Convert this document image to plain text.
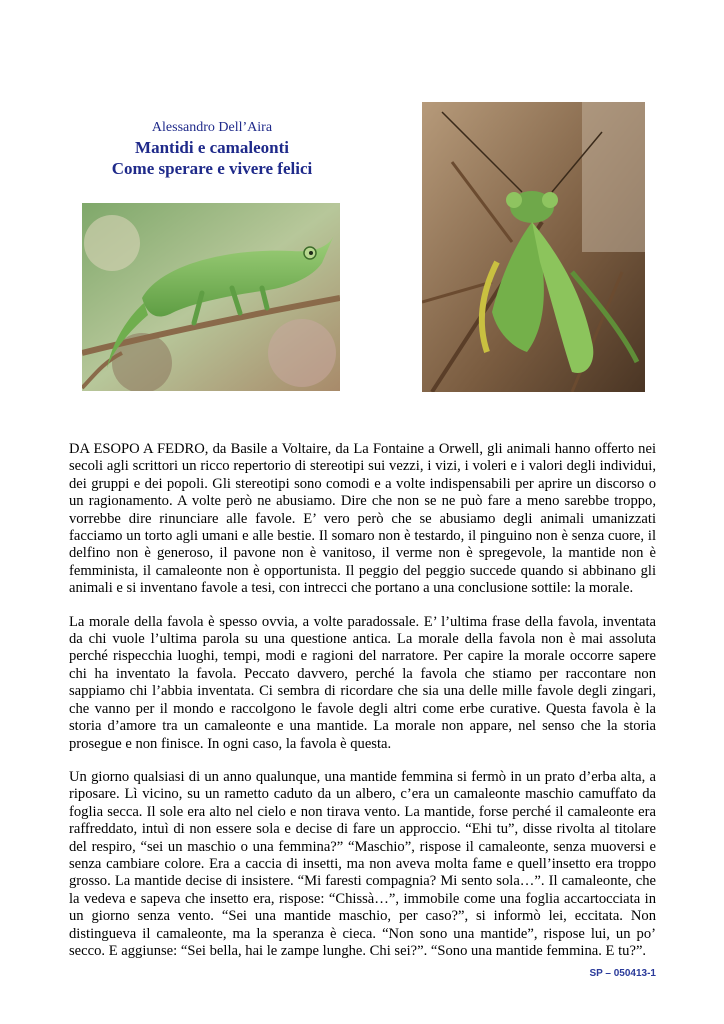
Alessandro Dell’Aira
Mantidi e camaleonti
Come sperare e vivere felici

DA ESOPO A FEDRO, da Basile a Voltaire, da La Fontaine a Orwell, gli animali hanno offerto nei secoli agli scrittori un ricco repertorio di stereotipi sui vezzi, i vizi, i voleri e i valori degli individui, dei gruppi e dei popoli. Gli stereotipi sono comodi e a volte indispensabili per aprire un discorso o un ragionamento. A volte però ne abusiamo. Dire che non se ne può fare a meno sarebbe troppo, vorrebbe dire rinunciare alle favole. E’ vero però che se abusiamo degli animali umanizzati facciamo un torto agli umani e alle bestie. Il somaro non è testardo, il pinguino non è senza cuore, il delfino non è generoso, il pavone non è vanitoso, il verme non è spregevole, la mantide non è femminista, il camaleonte non è opportunista. Il peggio del peggio succede quando si abbinano gli animali e si inventano favole a tesi, con intrecci che portano a una conclusione sottile: la morale.

La morale della favola è spesso ovvia, a volte paradossale. E’ l’ultima frase della favola, inventata da chi vuole l’ultima parola su una questione antica. La morale della favola non è mai assoluta perché rispecchia luoghi, tempi, modi e ragioni del narratore. Per capire la morale occorre sapere chi ha inventato la favola. Peccato davvero, perché la favola che stiamo per raccontare non sappiamo chi l’abbia inventata. Ci sembra di ricordare che sia una delle mille favole degli zingari, che vanno per il mondo e raccolgono le favole degli altri come erbe curative. Questa favola è la storia d’amore tra un camaleonte e una mantide. La morale non appare, nel senso che la storia prosegue e non finisce. In ogni caso, la favola è questa.

Un giorno qualsiasi di un anno qualunque, una mantide femmina si fermò in un prato d’erba alta, a riposare. Lì vicino, su un rametto caduto da un albero, c’era un camaleonte maschio camuffato da foglia secca. Il sole era alto nel cielo e non tirava vento. La mantide, forse perché il camaleonte era raffreddato, intuì di non essere sola e decise di fare un approccio. “Ehi tu”, disse rivolta al titolare del respiro, “sei un maschio o una femmina?” “Maschio”, rispose il camaleonte, senza muoversi e senza cambiare colore. Era a caccia di insetti, ma non aveva molta fame e quell’insetto era troppo grosso. La mantide decise di insistere. “Mi faresti compagnia? Mi sento sola…”. Il camaleonte, che la vedeva e sapeva che insetto era, rispose: “Chissà…”, immobile come una foglia accartocciata in un giorno senza vento. “Sei una mantide maschio, per caso?”, si informò lei, eccitata. Non distingueva il camaleonte, ma la speranza è cieca. “Non sono una mantide”, rispose lui, un po’ secco. E aggiunse: “Sei bella, hai le zampe lunghe. Chi sei?”. “Sono una mantide femmina. E tu?”.

SP – 050413-1
